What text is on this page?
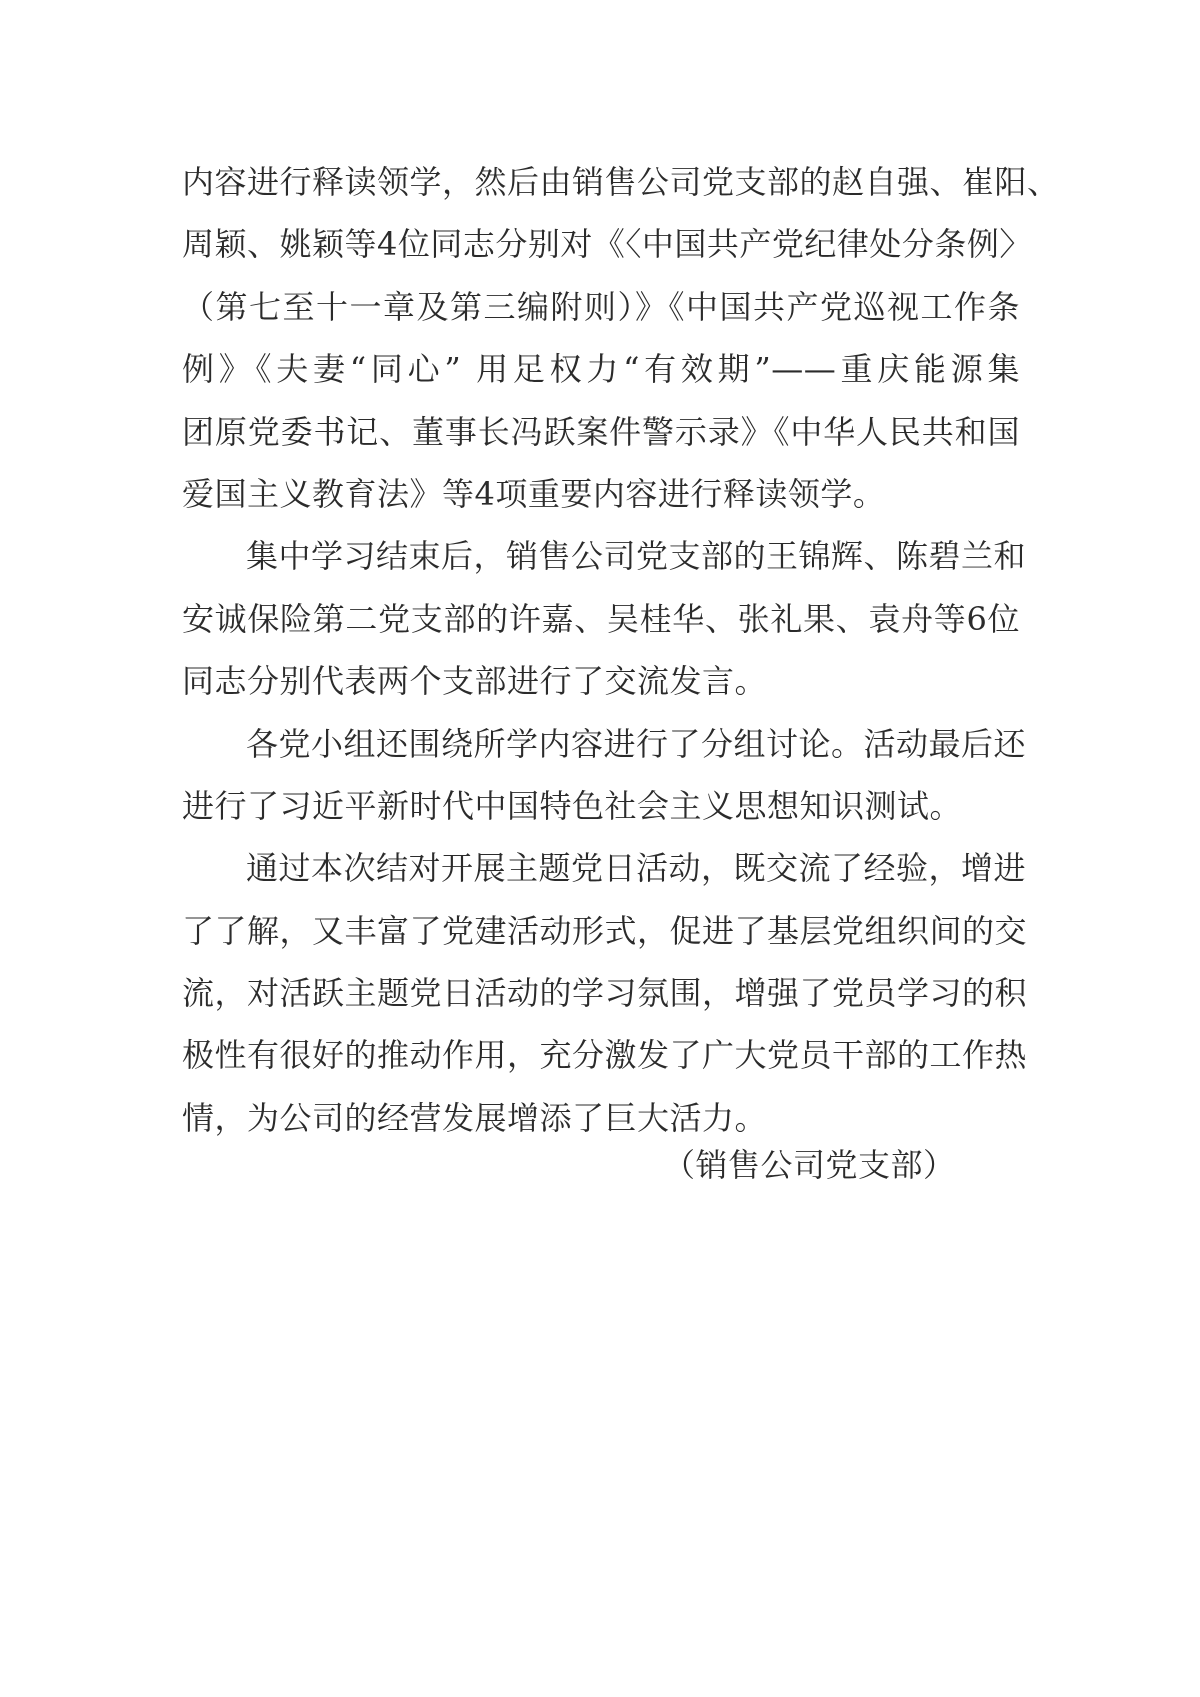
内容进行释读领学，然后由销售公司党支部的赵自强、崔阳、
周颖、姚颖等4位同志分别对《〈中国共产党纪律处分条例〉
（第七至十一章及第三编附则）》《中国共产党巡视工作条
例》《夫妻“同心” 用足权力“有效期”——重庆能源集
团原党委书记、董事长冯跃案件警示录》《中华人民共和国
爱国主义教育法》等4项重要内容进行释读领学。
集中学习结束后，销售公司党支部的王锦辉、陈碧兰和
安诚保险第二党支部的许嘉、吴桂华、张礼果、袁舟等6位
同志分别代表两个支部进行了交流发言。
各党小组还围绕所学内容进行了分组讨论。活动最后还
进行了习近平新时代中国特色社会主义思想知识测试。
通过本次结对开展主题党日活动，既交流了经验，增进
了了解，又丰富了党建活动形式，促进了基层党组织间的交
流，对活跃主题党日活动的学习氛围，增强了党员学习的积
极性有很好的推动作用，充分激发了广大党员干部的工作热
情，为公司的经营发展增添了巨大活力。
（销售公司党支部）
